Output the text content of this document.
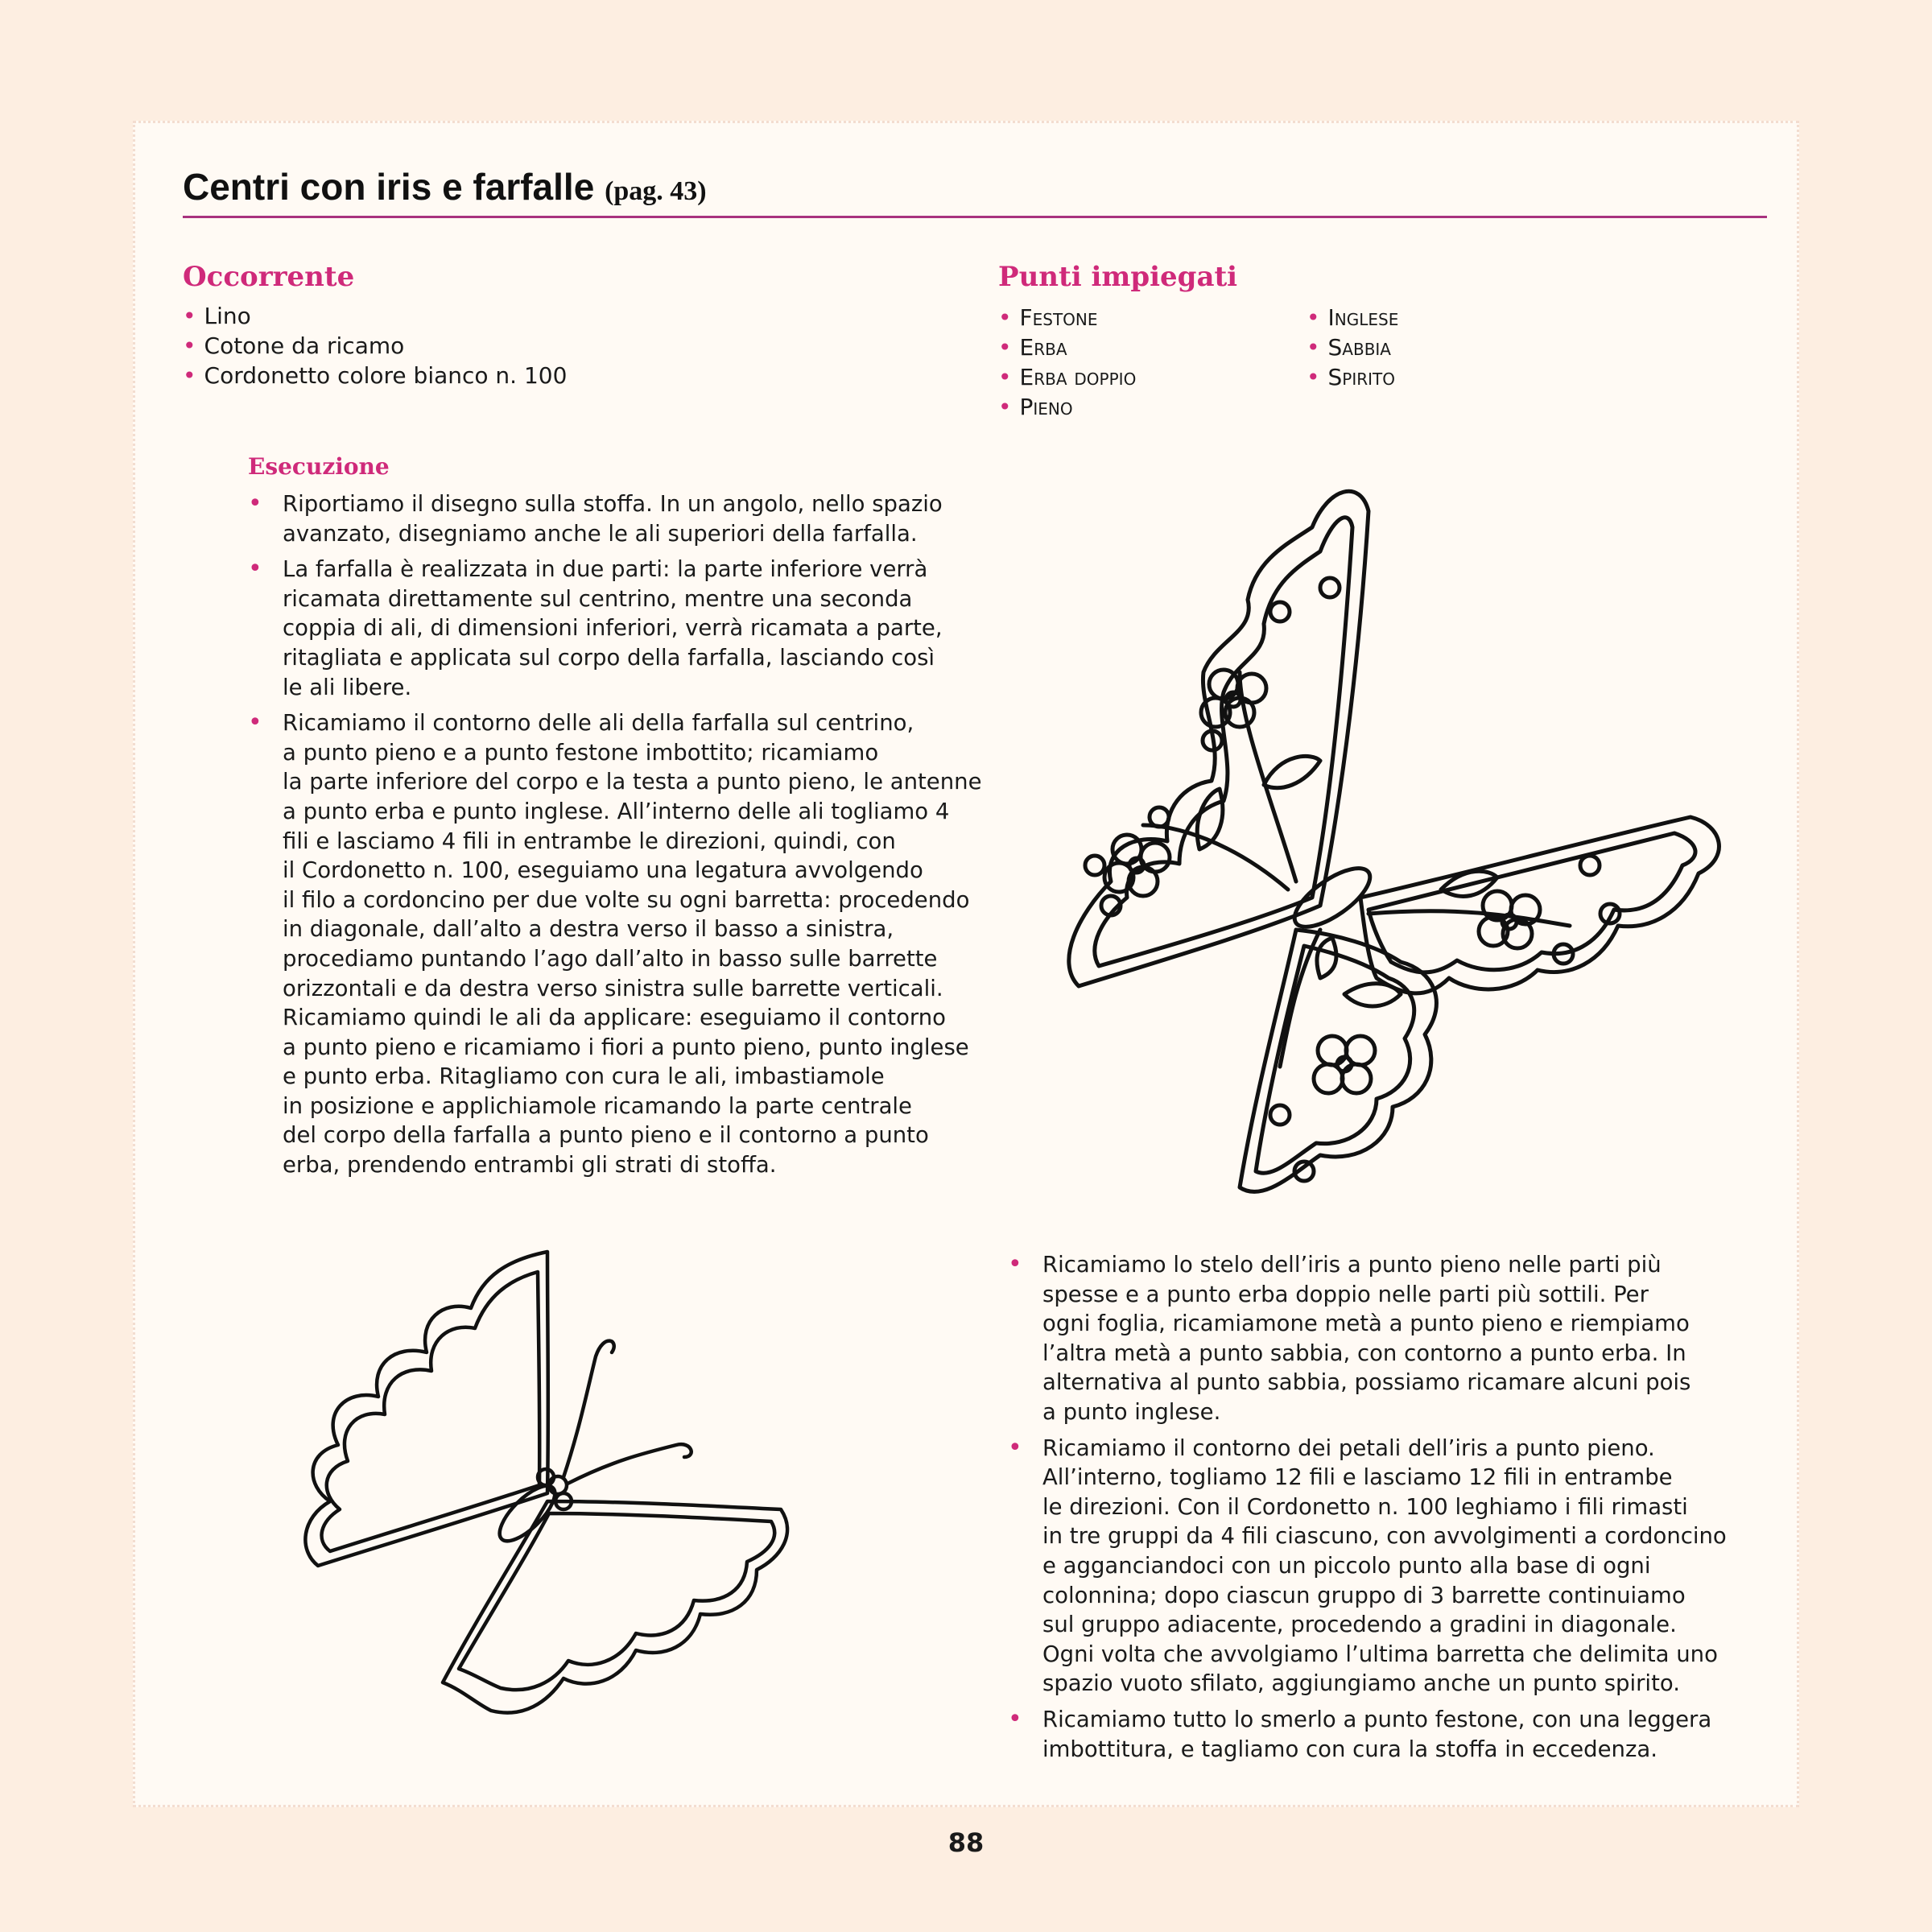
Centri con iris e farfalle (pag. 43)
Occorrente
• Lino
• Cotone da ricamo
• Cordonetto colore bianco n. 100
Punti impiegati
• Festone
• Erba
• Erba doppio
• Pieno
• Inglese
• Sabbia
• Spirito
Esecuzione
• Riportiamo il disegno sulla stoffa. In un angolo, nello spazio
avanzato, disegniamo anche le ali superiori della farfalla.
• La farfalla è realizzata in due parti: la parte inferiore verrà
ricamata direttamente sul centrino, mentre una seconda
coppia di ali, di dimensioni inferiori, verrà ricamata a parte,
ritagliata e applicata sul corpo della farfalla, lasciando così
le ali libere.
• Ricamiamo il contorno delle ali della farfalla sul centrino,
a punto pieno e a punto festone imbottito; ricamiamo
la parte inferiore del corpo e la testa a punto pieno, le antenne
a punto erba e punto inglese. All’interno delle ali togliamo 4
fili e lasciamo 4 fili in entrambe le direzioni, quindi, con
il Cordonetto n. 100, eseguiamo una legatura avvolgendo
il filo a cordoncino per due volte su ogni barretta: procedendo
in diagonale, dall’alto a destra verso il basso a sinistra,
procediamo puntando l’ago dall’alto in basso sulle barrette
orizzontali e da destra verso sinistra sulle barrette verticali.
Ricamiamo quindi le ali da applicare: eseguiamo il contorno
a punto pieno e ricamiamo i fiori a punto pieno, punto inglese
e punto erba. Ritagliamo con cura le ali, imbastiamole
in posizione e applichiamole ricamando la parte centrale
del corpo della farfalla a punto pieno e il contorno a punto
erba, prendendo entrambi gli strati di stoffa.
• Ricamiamo lo stelo dell’iris a punto pieno nelle parti più
spesse e a punto erba doppio nelle parti più sottili. Per
ogni foglia, ricamiamone metà a punto pieno e riempiamo
l’altra metà a punto sabbia, con contorno a punto erba. In
alternativa al punto sabbia, possiamo ricamare alcuni pois
a punto inglese.
• Ricamiamo il contorno dei petali dell’iris a punto pieno.
All’interno, togliamo 12 fili e lasciamo 12 fili in entrambe
le direzioni. Con il Cordonetto n. 100 leghiamo i fili rimasti
in tre gruppi da 4 fili ciascuno, con avvolgimenti a cordoncino
e agganciandoci con un piccolo punto alla base di ogni
colonnina; dopo ciascun gruppo di 3 barrette continuiamo
sul gruppo adiacente, procedendo a gradini in diagonale.
Ogni volta che avvolgiamo l’ultima barretta che delimita uno
spazio vuoto sfilato, aggiungiamo anche un punto spirito.
• Ricamiamo tutto lo smerlo a punto festone, con una leggera
imbottitura, e tagliamo con cura la stoffa in eccedenza.
88
